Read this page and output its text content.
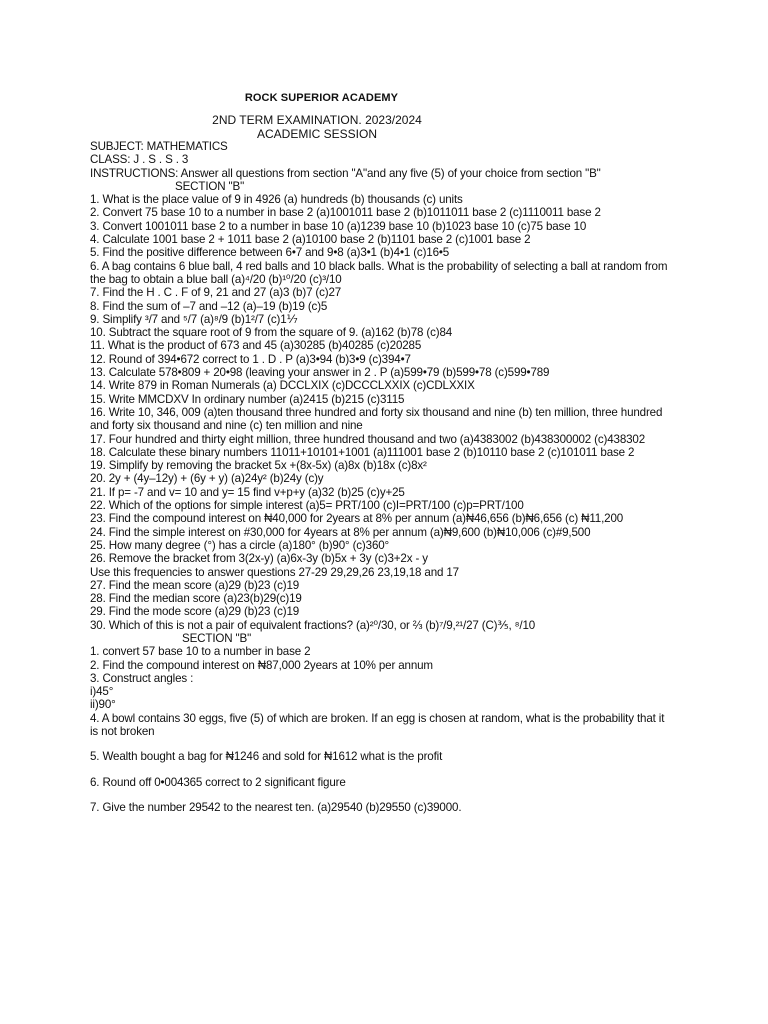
ROCK SUPERIOR ACADEMY
2ND TERM EXAMINATION. 2023/2024
ACADEMIC SESSION
SUBJECT: MATHEMATICS
CLASS: J . S . S . 3
INSTRUCTIONS: Answer all questions from section "A"and any five (5) of your choice from section "B"
SECTION "B"
1. What is the place value of 9 in 4926 (a) hundreds (b) thousands (c) units
2. Convert 75 base 10 to a number in base 2 (a)1001011 base 2 (b)1011011 base 2 (c)1110011 base 2
3. Convert 1001011 base 2 to a number in base 10 (a)1239 base 10 (b)1023 base 10 (c)75 base 10
4. Calculate 1001 base 2 + 1011 base 2 (a)10100 base 2 (b)1101 base 2 (c)1001 base 2
5. Find the positive difference between 6•7 and 9•8 (a)3•1 (b)4•1 (c)16•5
6. A bag contains 6 blue ball, 4 red balls and 10 black balls. What is the probability of selecting a ball at random from the bag to obtain a blue ball (a)⁴/20 (b)¹⁰/20 (c)³/10
7. Find the H . C . F of 9, 21 and 27 (a)3 (b)7 (c)27
8. Find the sum of –7 and –12 (a)–19 (b)19 (c)5
9. Simplify ³/7 and ⁵/7 (a)⁸/9 (b)1²/7 (c)1⅐
10. Subtract the square root of 9 from the square of 9. (a)162 (b)78 (c)84
11. What is the product of 673 and 45 (a)30285 (b)40285 (c)20285
12. Round of 394•672 correct to 1 . D . P (a)3•94 (b)3•9 (c)394•7
13. Calculate 578•809 + 20•98 (leaving your answer in 2 . P (a)599•79 (b)599•78 (c)599•789
14. Write 879 in Roman Numerals (a) DCCLXIX (c)DCCCLXXIX (c)CDLXXIX
15. Write MMCDXV In ordinary number (a)2415 (b)215 (c)3115
16. Write 10, 346, 009 (a)ten thousand three hundred and forty six thousand and nine (b) ten million, three hundred and forty six thousand and nine (c) ten million and nine
17. Four hundred and thirty eight million, three hundred thousand and two (a)4383002 (b)438300002 (c)438302
18. Calculate these binary numbers 11011+10101+1001 (a)111001 base 2 (b)10110 base 2 (c)101011 base 2
19. Simplify by removing the bracket 5x +(8x-5x) (a)8x (b)18x (c)8x²
20. 2y + (4y–12y) + (6y + y) (a)24y² (b)24y (c)y
21. If p= -7 and v= 10 and y= 15 find v+p+y (a)32 (b)25 (c)y+25
22. Which of the options for simple interest (a)5= PRT/100 (c)I=PRT/100 (c)p=PRT/100
23. Find the compound interest on ₦40,000 for 2years at 8% per annum (a)₦46,656 (b)₦6,656 (c) ₦11,200
24. Find the simple interest on #30,000 for 4years at 8% per annum (a)₦9,600 (b)₦10,006 (c)#9,500
25. How many degree (°) has a circle (a)180° (b)90° (c)360°
26. Remove the bracket from 3(2x-y) (a)6x-3y (b)5x + 3y (c)3+2x - y
Use this frequencies to answer questions 27-29 29,29,26 23,19,18 and 17
27. Find the mean score (a)29 (b)23 (c)19
28. Find the median score (a)23(b)29(c)19
29. Find the mode score (a)29 (b)23 (c)19
30. Which of this is not a pair of equivalent fractions? (a)²⁰/30, or ⅔ (b)⁷/9,²¹/27 (C)⅗, ⁸/10
SECTION "B"
1. convert 57 base 10 to a number in base 2
2. Find the compound interest on ₦87,000 2years at 10% per annum
3. Construct angles :
i)45°
ii)90°
4. A bowl contains 30 eggs, five (5) of which are broken. If an egg is chosen at random, what is the probability that it is not broken
5. Wealth bought a bag for ₦1246 and sold for ₦1612 what is the profit
6. Round off 0•004365 correct to 2 significant figure
7. Give the number 29542 to the nearest ten. (a)29540 (b)29550 (c)39000.
